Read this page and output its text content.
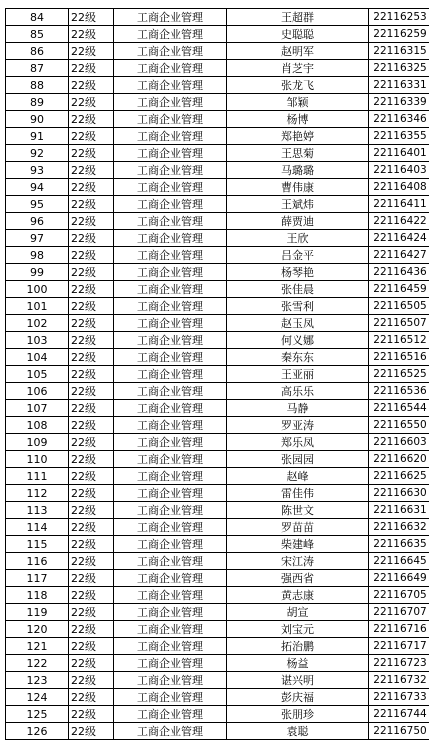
84	22级	工商企业管理	王超群	22116253
85	22级	工商企业管理	史聪聪	22116259
86	22级	工商企业管理	赵明军	22116315
87	22级	工商企业管理	肖芝宇	22116325
88	22级	工商企业管理	张龙飞	22116331
89	22级	工商企业管理	邹颖	22116339
90	22级	工商企业管理	杨博	22116346
91	22级	工商企业管理	郑艳婷	22116355
92	22级	工商企业管理	王思菊	22116401
93	22级	工商企业管理	马璐璐	22116403
94	22级	工商企业管理	曹伟康	22116408
95	22级	工商企业管理	王斌炜	22116411
96	22级	工商企业管理	薛贾迪	22116422
97	22级	工商企业管理	王欣	22116424
98	22级	工商企业管理	吕金平	22116427
99	22级	工商企业管理	杨琴艳	22116436
100	22级	工商企业管理	张佳晨	22116459
101	22级	工商企业管理	张雪利	22116505
102	22级	工商企业管理	赵玉凤	22116507
103	22级	工商企业管理	何义娜	22116512
104	22级	工商企业管理	秦东东	22116516
105	22级	工商企业管理	王亚丽	22116525
106	22级	工商企业管理	高乐乐	22116536
107	22级	工商企业管理	马静	22116544
108	22级	工商企业管理	罗亚涛	22116550
109	22级	工商企业管理	郑乐凤	22116603
110	22级	工商企业管理	张园园	22116620
111	22级	工商企业管理	赵峰	22116625
112	22级	工商企业管理	雷佳伟	22116630
113	22级	工商企业管理	陈世文	22116631
114	22级	工商企业管理	罗苗苗	22116632
115	22级	工商企业管理	柴建峰	22116635
116	22级	工商企业管理	宋江涛	22116645
117	22级	工商企业管理	强西省	22116649
118	22级	工商企业管理	黄志康	22116705
119	22级	工商企业管理	胡宣	22116707
120	22级	工商企业管理	刘宝元	22116716
121	22级	工商企业管理	拓治鹏	22116717
122	22级	工商企业管理	杨益	22116723
123	22级	工商企业管理	谌兴明	22116732
124	22级	工商企业管理	彭庆福	22116733
125	22级	工商企业管理	张朋珍	22116744
126	22级	工商企业管理	袁聪	22116750
